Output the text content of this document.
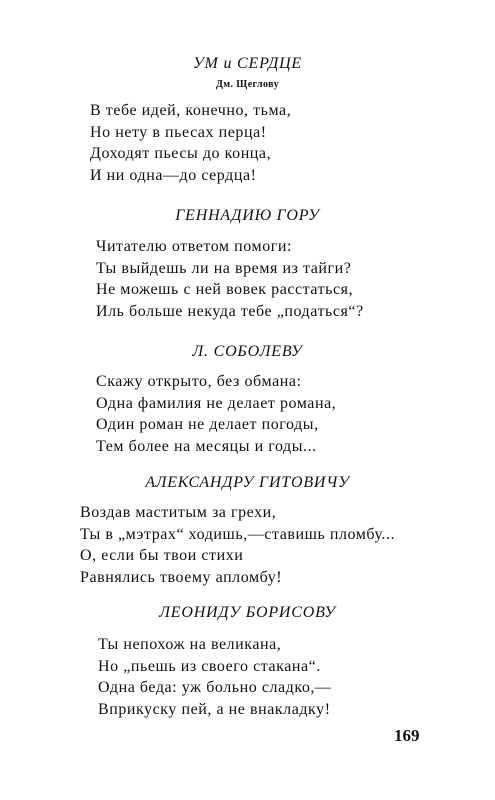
УМ и СЕРДЦЕ
Дм. Щеглову
В тебе идей, конечно, тьма,
Но нету в пьесах перца!
Доходят пьесы до конца,
И ни одна—до сердца!
ГЕННАДИЮ ГОРУ
Читателю ответом помоги:
Ты выйдешь ли на время из тайги?
Не можешь с ней вовек расстаться,
Иль больше некуда тебе „податься“?
Л. СОБОЛЕВУ
Скажу открыто, без обмана:
Одна фамилия не делает романа,
Один роман не делает погоды,
Тем более на месяцы и годы...
АЛЕКСАНДРУ ГИТОВИЧУ
Воздав маститым за грехи,
Ты в „мэтрах“ ходишь,—ставишь пломбу...
О, если бы твои стихи
Равнялись твоему апломбу!
ЛЕОНИДУ БОРИСОВУ
Ты непохож на великана,
Но „пьешь из своего стакана“.
Одна беда: уж больно сладко,—
Вприкуску пей, а не внакладку!
169
